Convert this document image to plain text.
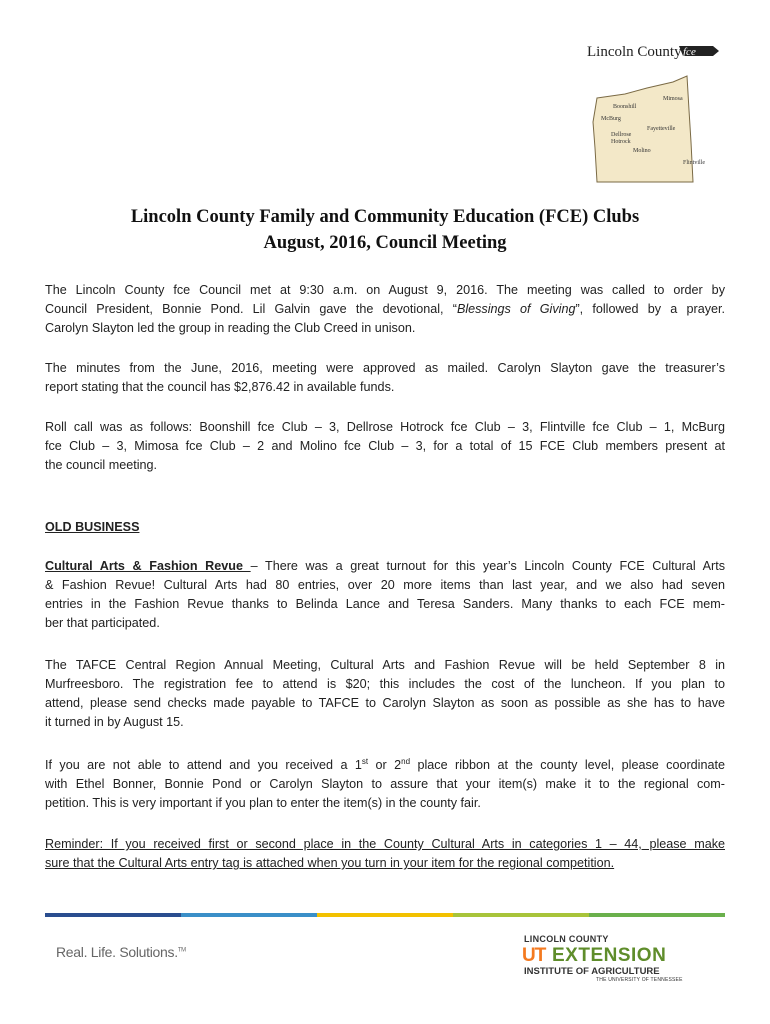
Lincoln County fce
Mimosa
Boonshill
McBurg
Fayetteville
Dellrose
Hotrock
Molino
Flintville
Lincoln County Family and Community Education (FCE) Clubs
August, 2016, Council Meeting
The Lincoln County fce Council met at 9:30 a.m. on August 9, 2016. The meeting was called to order by
Council President, Bonnie Pond. Lil Galvin gave the devotional, “Blessings of Giving”, followed by a prayer.
Carolyn Slayton led the group in reading the Club Creed in unison.
The minutes from the June, 2016, meeting were approved as mailed. Carolyn Slayton gave the treasurer’s
report stating that the council has $2,876.42 in available funds.
Roll call was as follows: Boonshill fce Club – 3, Dellrose Hotrock fce Club – 3, Flintville fce Club – 1, McBurg
fce Club – 3, Mimosa fce Club – 2 and Molino fce Club – 3, for a total of 15 FCE Club members present at
the council meeting.
OLD BUSINESS
Cultural Arts & Fashion Revue – There was a great turnout for this year’s Lincoln County FCE Cultural Arts
& Fashion Revue! Cultural Arts had 80 entries, over 20 more items than last year, and we also had seven
entries in the Fashion Revue thanks to Belinda Lance and Teresa Sanders. Many thanks to each FCE mem-
ber that participated.
The TAFCE Central Region Annual Meeting, Cultural Arts and Fashion Revue will be held September 8 in
Murfreesboro. The registration fee to attend is $20; this includes the cost of the luncheon. If you plan to
attend, please send checks made payable to TAFCE to Carolyn Slayton as soon as possible as she has to have
it turned in by August 15.
If you are not able to attend and you received a 1st or 2nd place ribbon at the county level, please coordinate
with Ethel Bonner, Bonnie Pond or Carolyn Slayton to assure that your item(s) make it to the regional com-
petition. This is very important if you plan to enter the item(s) in the county fair.
Reminder: If you received first or second place in the County Cultural Arts in categories 1 – 44, please make
sure that the Cultural Arts entry tag is attached when you turn in your item for the regional competition.
Real. Life. Solutions.™
LINCOLN COUNTY
UT EXTENSION
INSTITUTE OF AGRICULTURE
THE UNIVERSITY OF TENNESSEE
